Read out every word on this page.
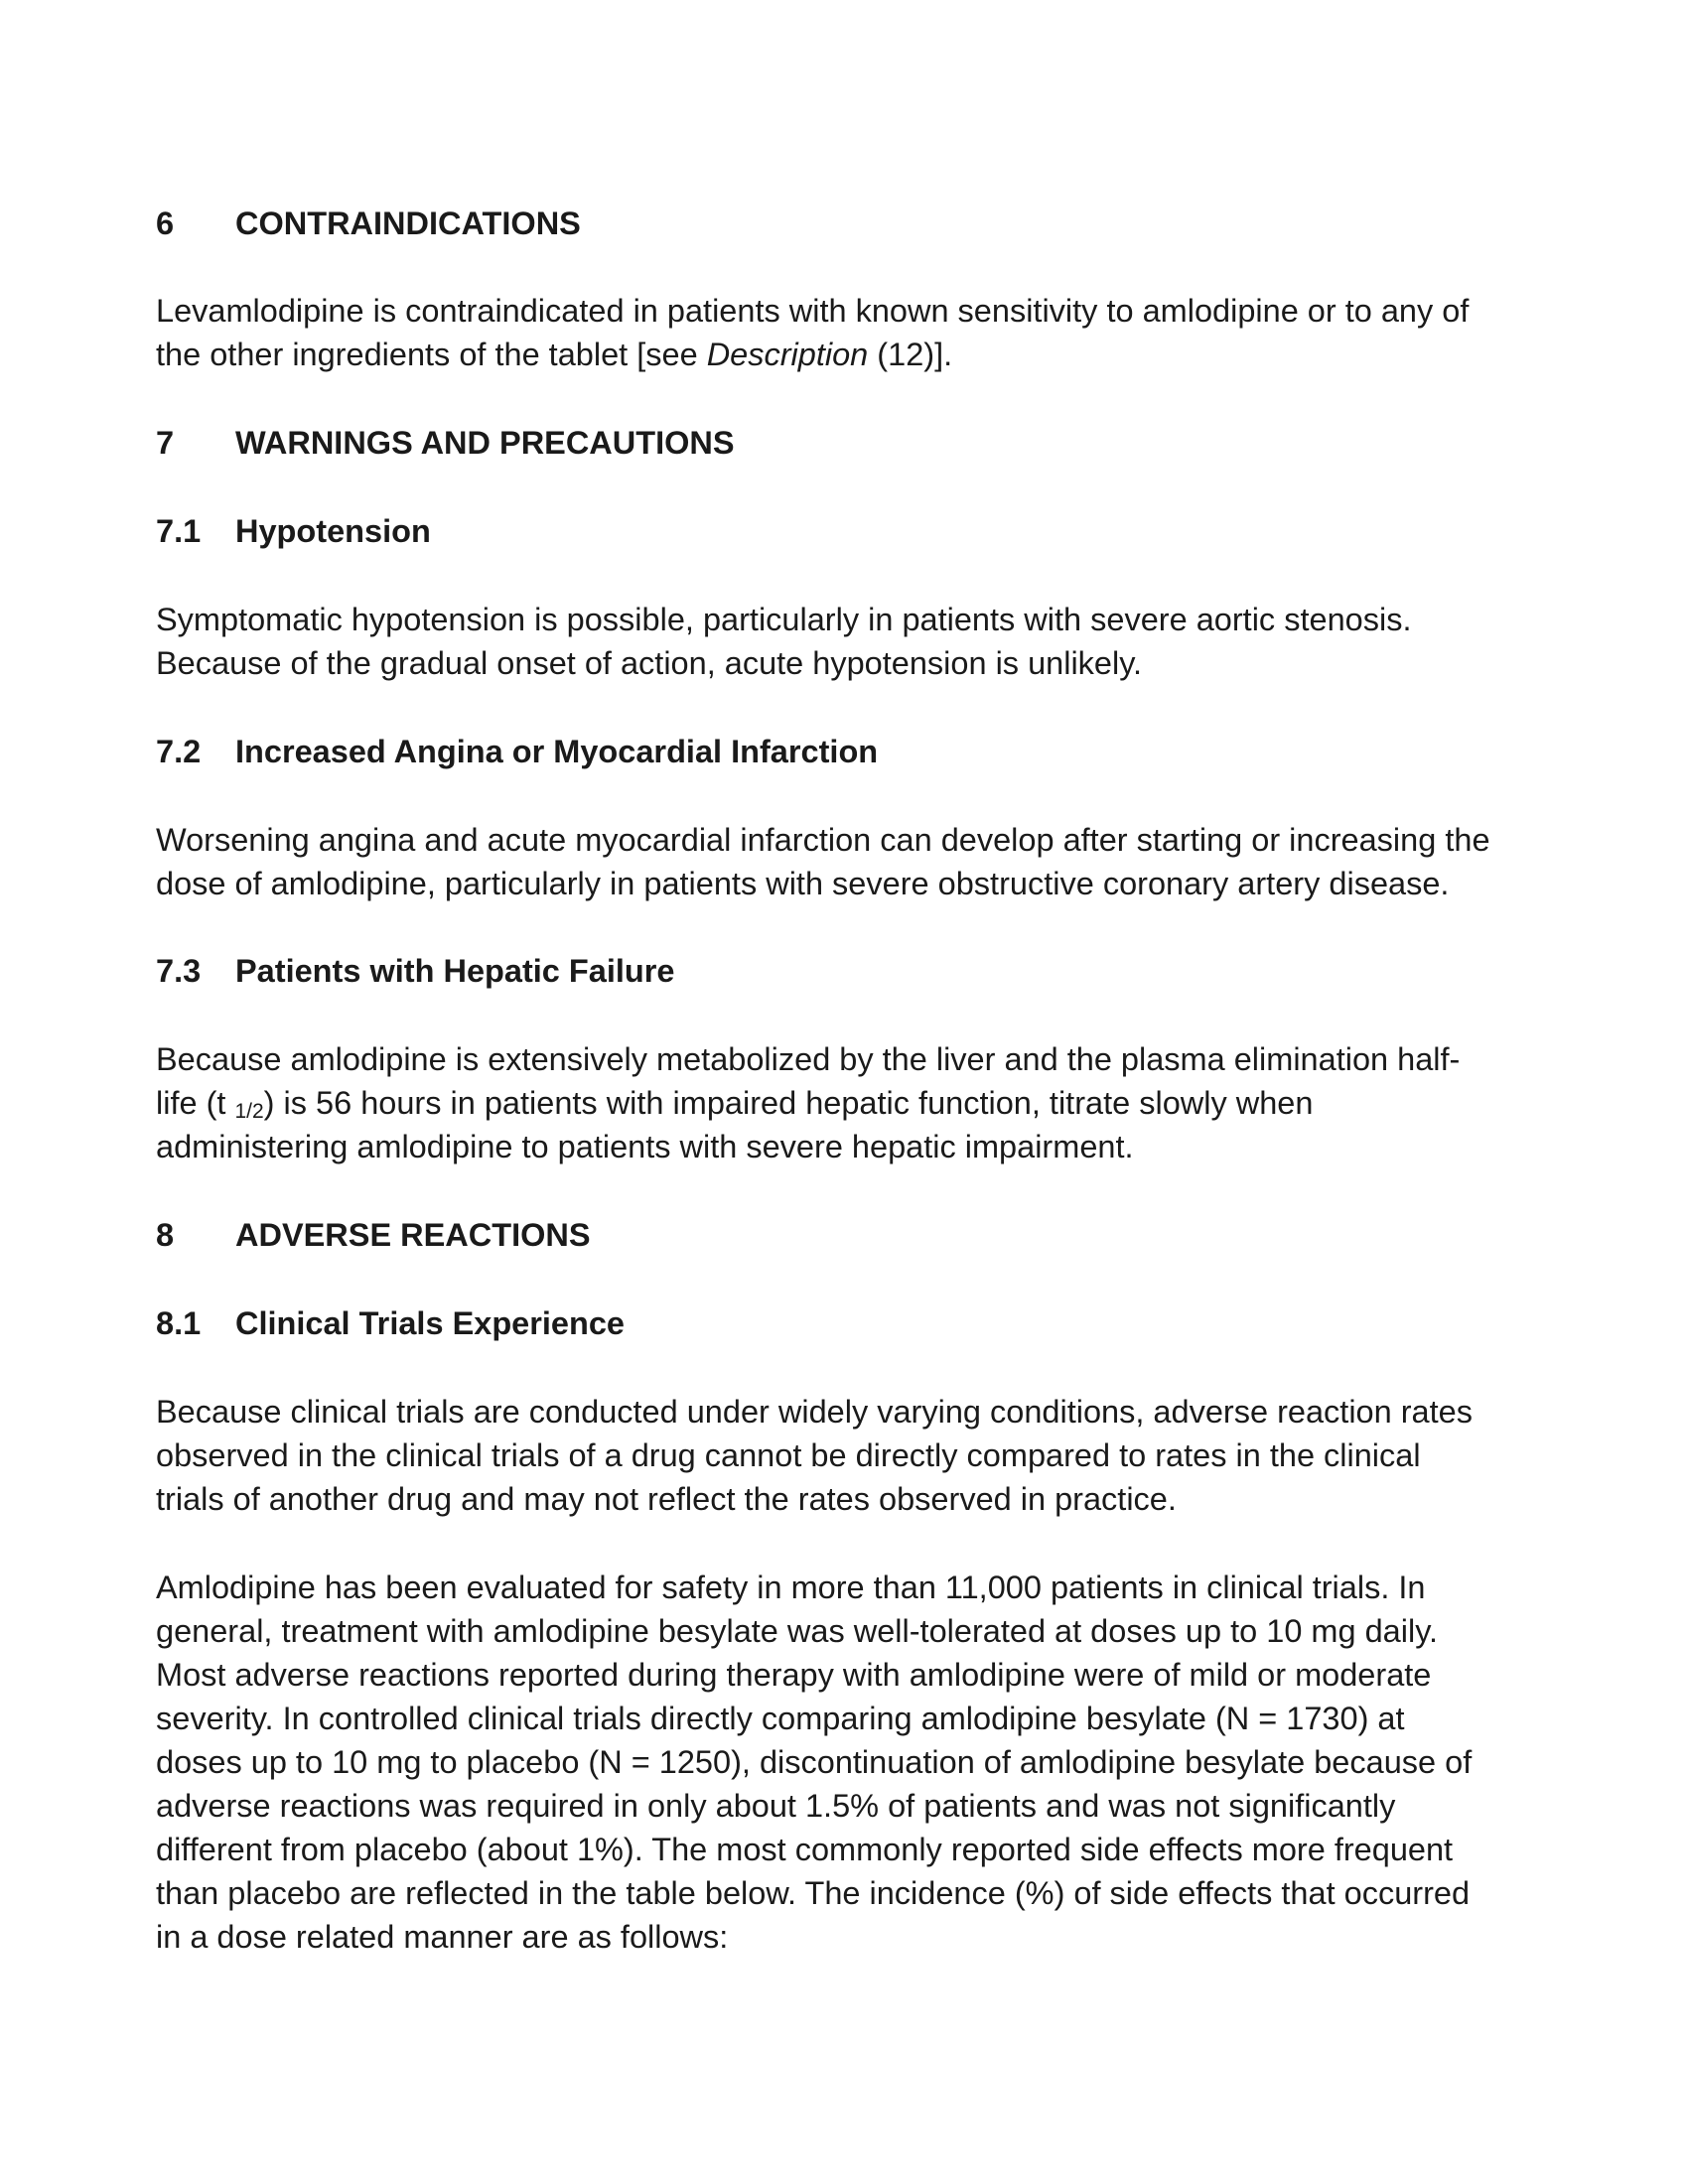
6 CONTRAINDICATIONS
Levamlodipine is contraindicated in patients with known sensitivity to amlodipine or to any of
the other ingredients of the tablet [see Description (12)].
7 WARNINGS AND PRECAUTIONS
7.1 Hypotension
Symptomatic hypotension is possible, particularly in patients with severe aortic stenosis.
Because of the gradual onset of action, acute hypotension is unlikely.
7.2 Increased Angina or Myocardial Infarction
Worsening angina and acute myocardial infarction can develop after starting or increasing the
dose of amlodipine, particularly in patients with severe obstructive coronary artery disease.
7.3 Patients with Hepatic Failure
Because amlodipine is extensively metabolized by the liver and the plasma elimination half-
life (t $_{1/2}$) is 56 hours in patients with impaired hepatic function, titrate slowly when
administering amlodipine to patients with severe hepatic impairment.
8 ADVERSE REACTIONS
8.1 Clinical Trials Experience
Because clinical trials are conducted under widely varying conditions, adverse reaction rates
observed in the clinical trials of a drug cannot be directly compared to rates in the clinical
trials of another drug and may not reflect the rates observed in practice.
Amlodipine has been evaluated for safety in more than 11,000 patients in clinical trials. In
general, treatment with amlodipine besylate was well-tolerated at doses up to 10 mg daily.
Most adverse reactions reported during therapy with amlodipine were of mild or moderate
severity. In controlled clinical trials directly comparing amlodipine besylate (N = 1730) at
doses up to 10 mg to placebo (N = 1250), discontinuation of amlodipine besylate because of
adverse reactions was required in only about 1.5% of patients and was not significantly
different from placebo (about 1%). The most commonly reported side effects more frequent
than placebo are reflected in the table below. The incidence (%) of side effects that occurred
in a dose related manner are as follows:
